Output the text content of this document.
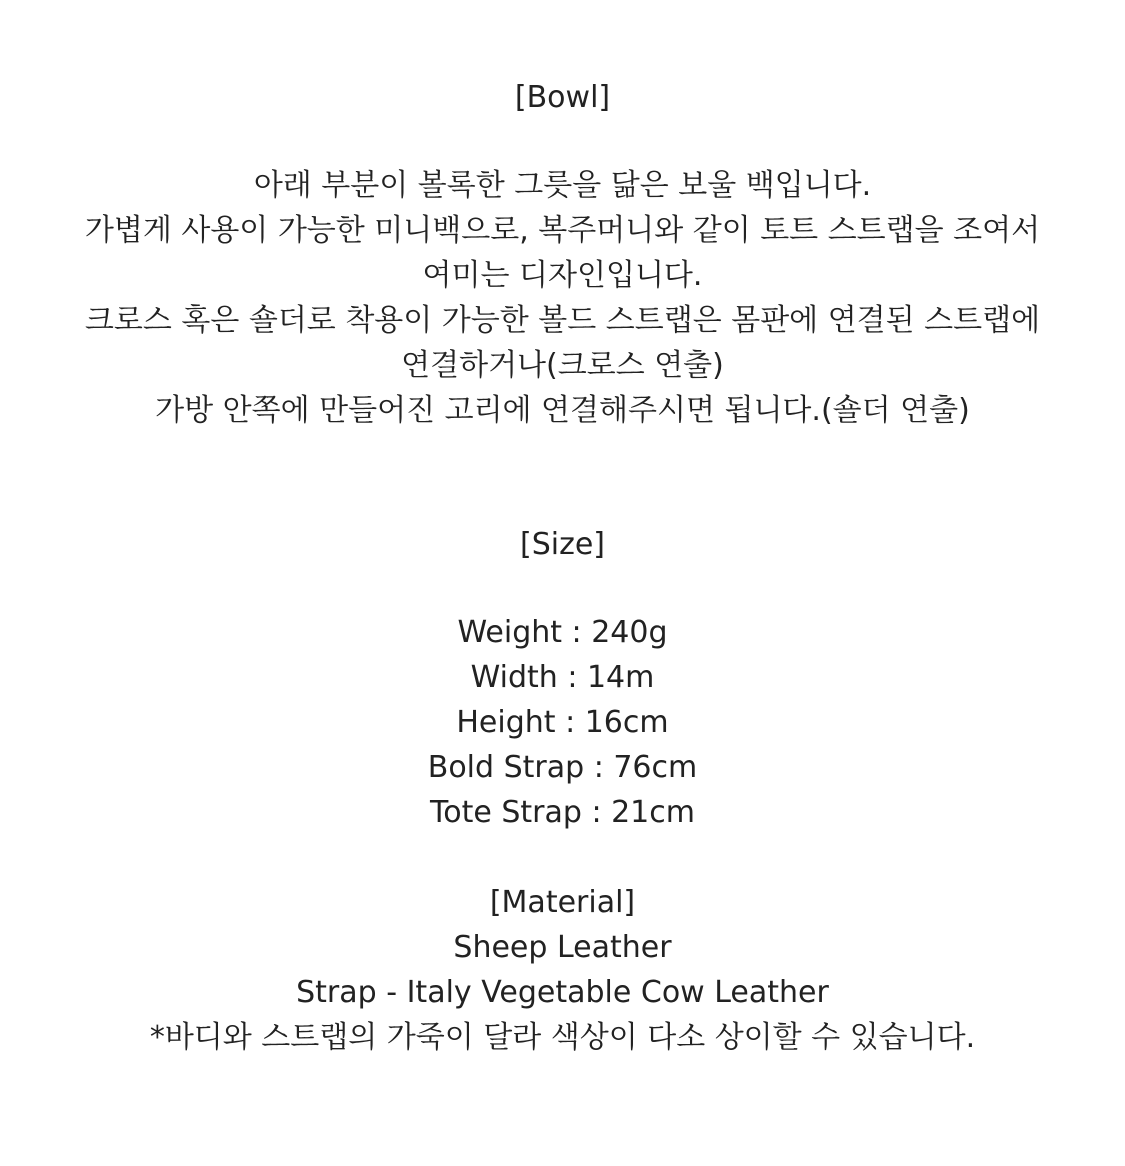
[Bowl]
아래 부분이 볼록한 그릇을 닮은 보울 백입니다.
가볍게 사용이 가능한 미니백으로, 복주머니와 같이 토트 스트랩을 조여서
여미는 디자인입니다.
크로스 혹은 숄더로 착용이 가능한 볼드 스트랩은 몸판에 연결된 스트랩에
연결하거나(크로스 연출)
가방 안쪽에 만들어진 고리에 연결해주시면 됩니다.(숄더 연출)
[Size]
Weight : 240g
Width : 14m
Height : 16cm
Bold Strap : 76cm
Tote Strap : 21cm
[Material]
Sheep Leather
Strap - Italy Vegetable Cow Leather
*바디와 스트랩의 가죽이 달라 색상이 다소 상이할 수 있습니다.
